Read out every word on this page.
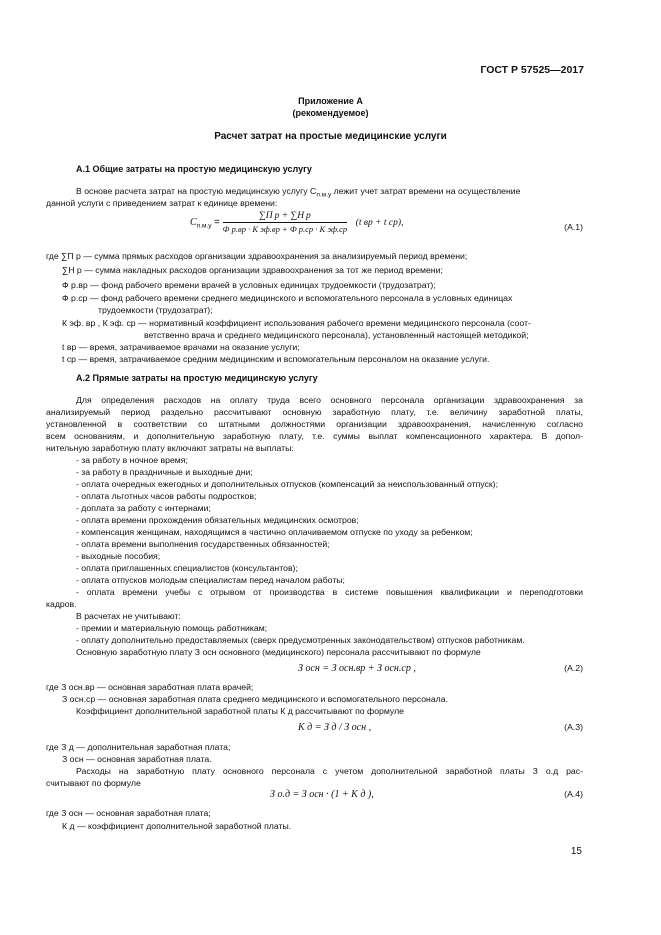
ГОСТ Р 57525—2017
Приложение А
(рекомендуемое)
Расчет затрат на простые медицинские услуги
А.1 Общие затраты на простую медицинскую услугу
В основе расчета затрат на простую медицинскую услугу $С_{п.м.у}$ лежит учет затрат времени на осуществление
данной услуги с приведением затрат к единице времени:
$С_{п.м.у} = \frac{\text{∑П р + ∑Н р}}{\text{Ф р.вр · К эф.вр + Ф р.ср · К эф.ср}} (t$ вр + t ср),	(А.1)
где ∑П р — сумма прямых расходов организации здравоохранения за анализируемый период времени;
∑Н р — сумма накладных расходов организации здравоохранения за тот же период времени;
Ф р.вр — фонд рабочего времени врачей в условных единицах трудоемкости (трудозатрат);
Ф р.ср — фонд рабочего времени среднего медицинского и вспомогательного персонала в условных единицах
трудоемкости (трудозатрат);
К эф. вр , К эф. ср — нормативный коэффициент использования рабочего времени медицинского персонала (соот-
ветственно врача и среднего медицинского персонала), установленный настоящей методикой;
t вр — время, затрачиваемое врачами на оказание услуги;
t ср — время, затрачиваемое средним медицинским и вспомогательным персоналом на оказание услуги.
А.2 Прямые затраты на простую медицинскую услугу
Для определения расходов на оплату труда всего основного персонала организации здравоохранения за
анализируемый период раздельно рассчитывают основную заработную плату, т.е. величину заработной платы,
установленной в соответствии со штатными должностями организации здравоохранения, начисленную согласно
всем основаниям, и дополнительную заработную плату, т.е. суммы выплат компенсационного характера. В допол-
нительную заработную плату включают затраты на выплаты:
- за работу в ночное время;
- за работу в праздничные и выходные дни;
- оплата очередных ежегодных и дополнительных отпусков (компенсаций за неиспользованный отпуск);
- оплата льготных часов работы подростков;
- доплата за работу с интернами;
- оплата времени прохождения обязательных медицинских осмотров;
- компенсация женщинам, находящимся в частично оплачиваемом отпуске по уходу за ребенком;
- оплата времени выполнения государственных обязанностей;
- выходные пособия;
- оплата приглашенных специалистов (консультантов);
- оплата отпусков молодым специалистам перед началом работы;
- оплата времени учебы с отрывом от производства в системе повышения квалификации и переподготовки
кадров.
В расчетах не учитывают:
- премии и материальную помощь работникам;
- оплату дополнительно предоставляемых (сверх предусмотренных законодательством) отпусков работникам.
Основную заработную плату З осн основного (медицинского) персонала рассчитывают по формуле
З осн = З осн.вр + З осн.ср ,	(А.2)
где З осн.вр — основная заработная плата врачей;
З осн.ср — основная заработная плата среднего медицинского и вспомогательного персонала.
Коэффициент дополнительной заработной платы К д рассчитывают по формуле
К д = З д / З осн ,	(А.3)
где З д — дополнительная заработная плата;
З осн — основная заработная плата.
Расходы на заработную плату основного персонала с учетом дополнительной заработной платы З о.д рас-
считывают по формуле
З о.д = З осн · (1 + К д ),	(А.4)
где З осн — основная заработная плата;
К д — коэффициент дополнительной заработной платы.
15
